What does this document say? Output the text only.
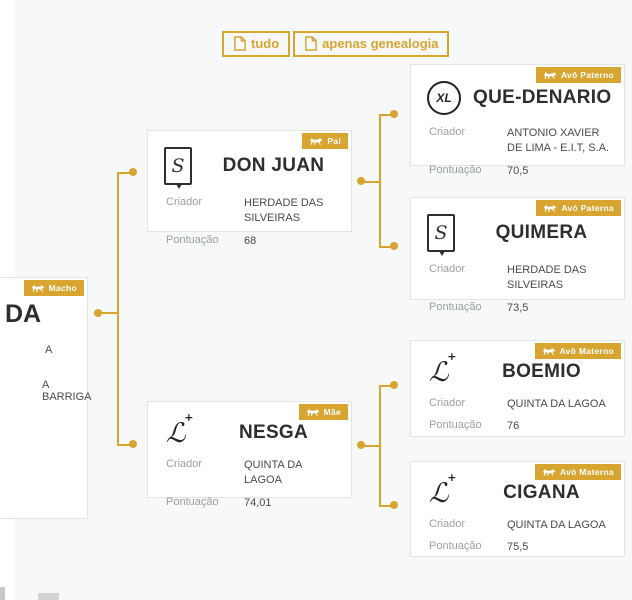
tudo	apenas genealogia
Macho
DA
A
A BARRIGA
Pai
S	DON JUAN
Criador	HERDADE DAS SILVEIRAS
Pontuação	68
Avô Paterno
XL QUE-DENARIO
Criador	ANTONIO XAVIER DE LIMA - E.I.T, S.A.
Pontuação	70,5
Avó Paterna
S	QUIMERA
Criador	HERDADE DAS SILVEIRAS
Pontuação	73,5
Mãe
ℒ
+
NESGA
Criador	QUINTA DA LAGOA
Pontuação	74,01
Avô Materno
ℒ
+
BOEMIO
Criador	QUINTA DA LAGOA
Pontuação	76
Avó Materna
ℒ
+
CIGANA
Criador	QUINTA DA LAGOA
Pontuação	75,5
